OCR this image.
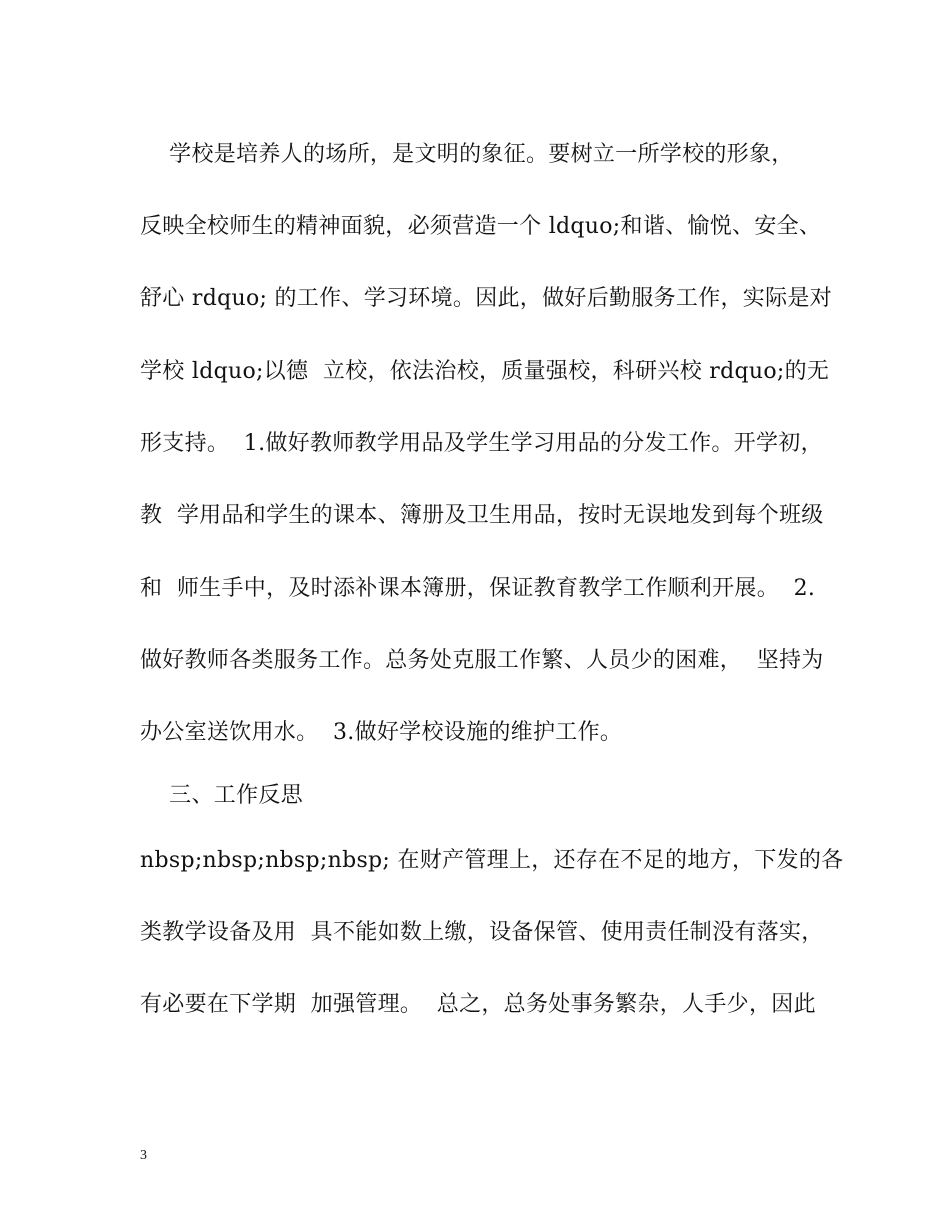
学校是培养人的场所，是文明的象征。要树立一所学校的形象，
反映全校师生的精神面貌，必须营造一个 ldquo;和谐、愉悦、安全、
舒心 rdquo; 的工作、学习环境。因此，做好后勤服务工作，实际是对
学校 ldquo;以德  立校，依法治校，质量强校，科研兴校 rdquo;的无
形支持。  1.做好教师教学用品及学生学习用品的分发工作。开学初，
教  学用品和学生的课本、簿册及卫生用品，按时无误地发到每个班级
和  师生手中，及时添补课本簿册，保证教育教学工作顺利开展。  2.
做好教师各类服务工作。总务处克服工作繁、人员少的困难，  坚持为
办公室送饮用水。  3.做好学校设施的维护工作。
三、工作反思
nbsp;nbsp;nbsp;nbsp; 在财产管理上，还存在不足的地方，下发的各
类教学设备及用  具不能如数上缴，设备保管、使用责任制没有落实，
有必要在下学期  加强管理。  总之，总务处事务繁杂，人手少，因此
3
